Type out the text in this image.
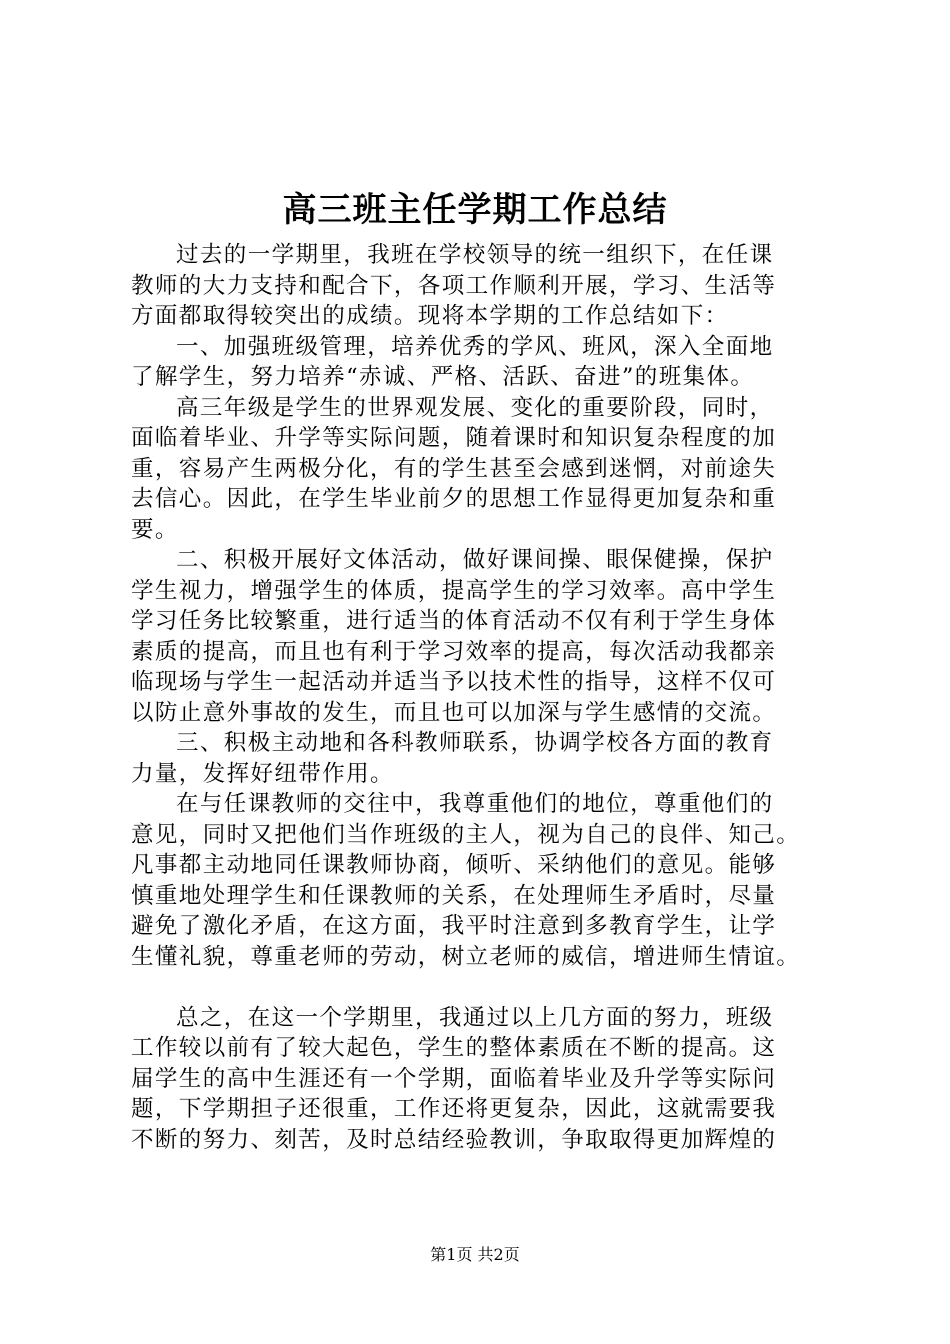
高三班主任学期工作总结
过去的一学期里，我班在学校领导的统一组织下，在任课
教师的大力支持和配合下，各项工作顺利开展，学习、生活等
方面都取得较突出的成绩。现将本学期的工作总结如下：
一、加强班级管理，培养优秀的学风、班风，深入全面地
了解学生，努力培养“赤诚、严格、活跃、奋进”的班集体。
高三年级是学生的世界观发展、变化的重要阶段，同时，
面临着毕业、升学等实际问题，随着课时和知识复杂程度的加
重，容易产生两极分化，有的学生甚至会感到迷惘，对前途失
去信心。因此，在学生毕业前夕的思想工作显得更加复杂和重
要。
二、积极开展好文体活动，做好课间操、眼保健操，保护
学生视力，增强学生的体质，提高学生的学习效率。高中学生
学习任务比较繁重，进行适当的体育活动不仅有利于学生身体
素质的提高，而且也有利于学习效率的提高，每次活动我都亲
临现场与学生一起活动并适当予以技术性的指导，这样不仅可
以防止意外事故的发生，而且也可以加深与学生感情的交流。
三、积极主动地和各科教师联系，协调学校各方面的教育
力量，发挥好纽带作用。
在与任课教师的交往中，我尊重他们的地位，尊重他们的
意见，同时又把他们当作班级的主人，视为自己的良伴、知己。
凡事都主动地同任课教师协商，倾听、采纳他们的意见。能够
慎重地处理学生和任课教师的关系，在处理师生矛盾时，尽量
避免了激化矛盾，在这方面，我平时注意到多教育学生，让学
生懂礼貌，尊重老师的劳动，树立老师的威信，增进师生情谊。
总之，在这一个学期里，我通过以上几方面的努力，班级
工作较以前有了较大起色，学生的整体素质在不断的提高。这
届学生的高中生涯还有一个学期，面临着毕业及升学等实际问
题，下学期担子还很重，工作还将更复杂，因此，这就需要我
不断的努力、刻苦，及时总结经验教训，争取取得更加辉煌的
第1页 共2页
